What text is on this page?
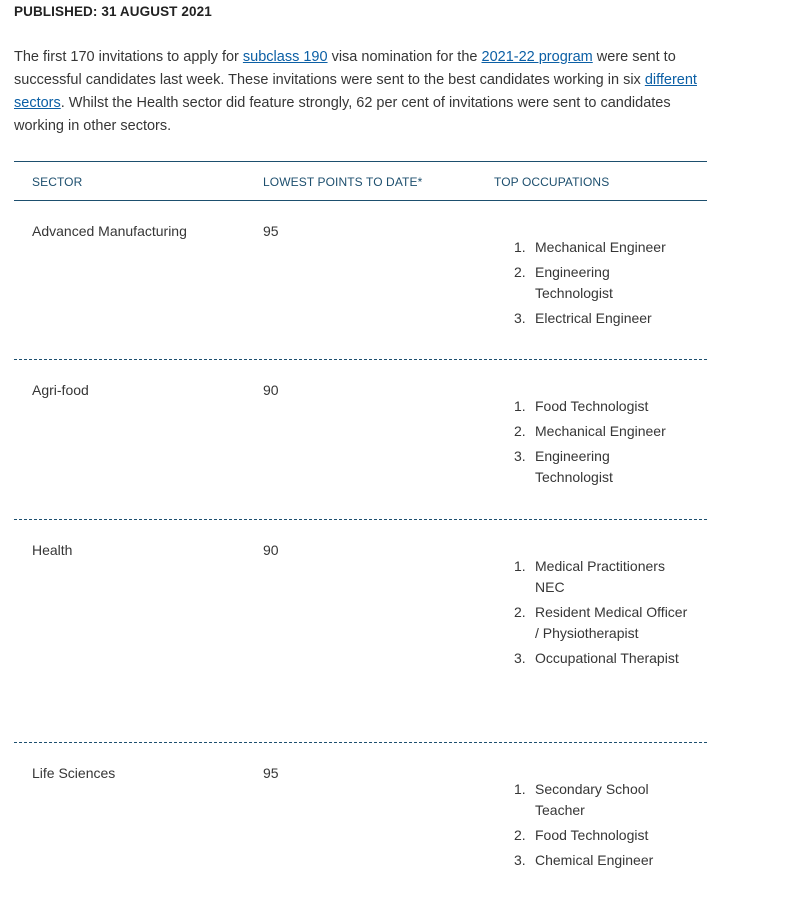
PUBLISHED: 31 AUGUST 2021

The first 170 invitations to apply for subclass 190 visa nomination for the 2021-22 program were sent to successful candidates last week. These invitations were sent to the best candidates working in six different sectors. Whilst the Health sector did feature strongly, 62 per cent of invitations were sent to candidates working in other sectors.

SECTOR	LOWEST POINTS TO DATE*	TOP OCCUPATIONS
Advanced Manufacturing	95
1. Mechanical Engineer
2. Engineering Technologist
3. Electrical Engineer
Agri-food	90
1. Food Technologist
2. Mechanical Engineer
3. Engineering Technologist
Health	90
1. Medical Practitioners NEC
2. Resident Medical Officer / Physiotherapist
3. Occupational Therapist
Life Sciences	95
1. Secondary School Teacher
2. Food Technologist
3. Chemical Engineer
